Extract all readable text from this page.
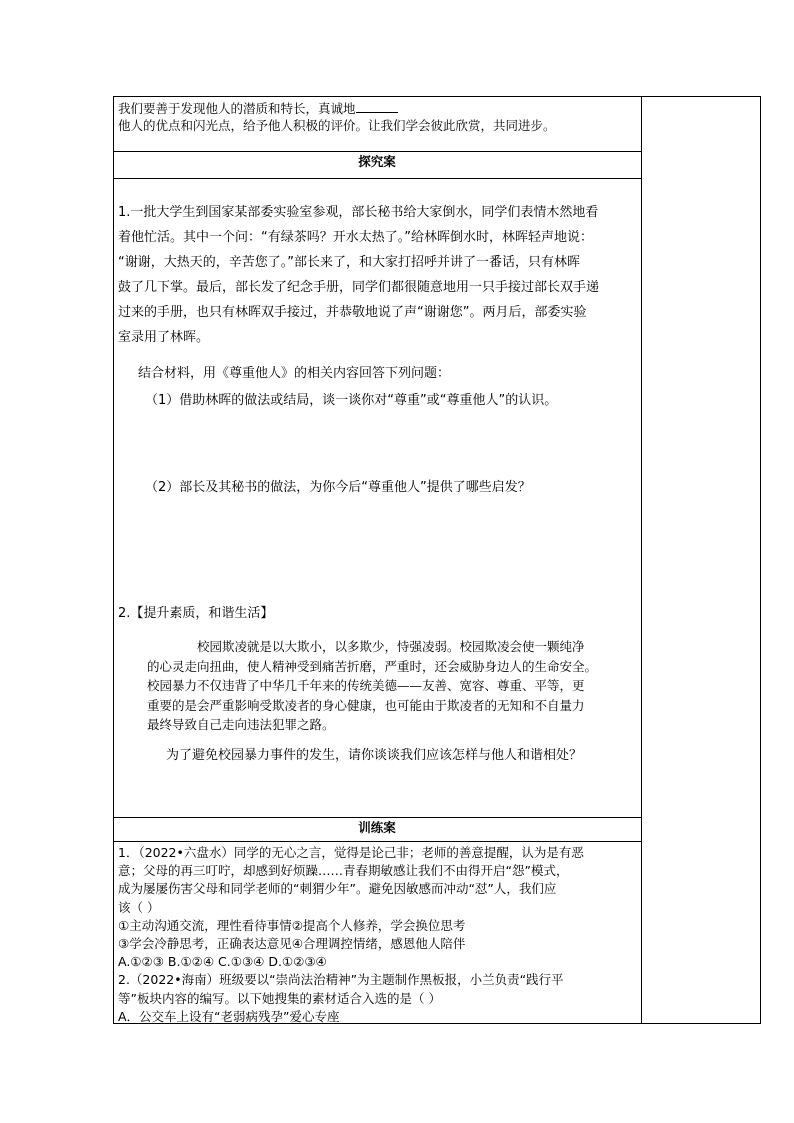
我们要善于发现他人的潜质和特长，真诚地
他人的优点和闪光点，给予他人积极的评价。让我们学会彼此欣赏，共同进步。
探究案
1.一批大学生到国家某部委实验室参观，部长秘书给大家倒水，同学们表情木然地看
着他忙活。其中一个问：“有绿茶吗？开水太热了。”给林晖倒水时，林晖轻声地说：
“谢谢，大热天的，辛苦您了。”部长来了，和大家打招呼并讲了一番话，只有林晖
鼓了几下掌。最后，部长发了纪念手册，同学们都很随意地用一只手接过部长双手递
过来的手册，也只有林晖双手接过，并恭敬地说了声“谢谢您”。两月后，部委实验
室录用了林晖。
结合材料，用《尊重他人》的相关内容回答下列问题：
（1）借助林晖的做法或结局，谈一谈你对“尊重”或“尊重他人”的认识。
（2）部长及其秘书的做法，为你今后“尊重他人”提供了哪些启发？
2.【提升素质，和谐生活】
校园欺凌就是以大欺小，以多欺少，恃强凌弱。校园欺凌会使一颗纯净
的心灵走向扭曲，使人精神受到痛苦折磨，严重时，还会威胁身边人的生命安全。
校园暴力不仅违背了中华几千年来的传统美德——友善、宽容、尊重、平等，更
重要的是会严重影响受欺凌者的身心健康，也可能由于欺凌者的无知和不自量力
最终导致自己走向违法犯罪之路。
为了避免校园暴力事件的发生，请你谈谈我们应该怎样与他人和谐相处？
训练案
1．（2022•六盘水）同学的无心之言，觉得是论己非；老师的善意提醒，认为是有恶
意；父母的再三叮咛，却感到好烦躁……青春期敏感让我们不由得开启“怨”模式，
成为屡屡伤害父母和同学老师的“刺猬少年”。避免因敏感而冲动“怼”人，我们应
该（ ）
①主动沟通交流，理性看待事情②提高个人修养，学会换位思考
③学会冷静思考，正确表达意见④合理调控情绪，感恩他人陪伴
A.①②③ B.①②④ C.①③④ D.①②③④
2.（2022•海南）班级要以“崇尚法治精神”为主题制作黑板报，小兰负责“践行平
等”板块内容的编写。以下她搜集的素材适合入选的是（ ）
A．公交车上设有“老弱病残孕”爱心专座
